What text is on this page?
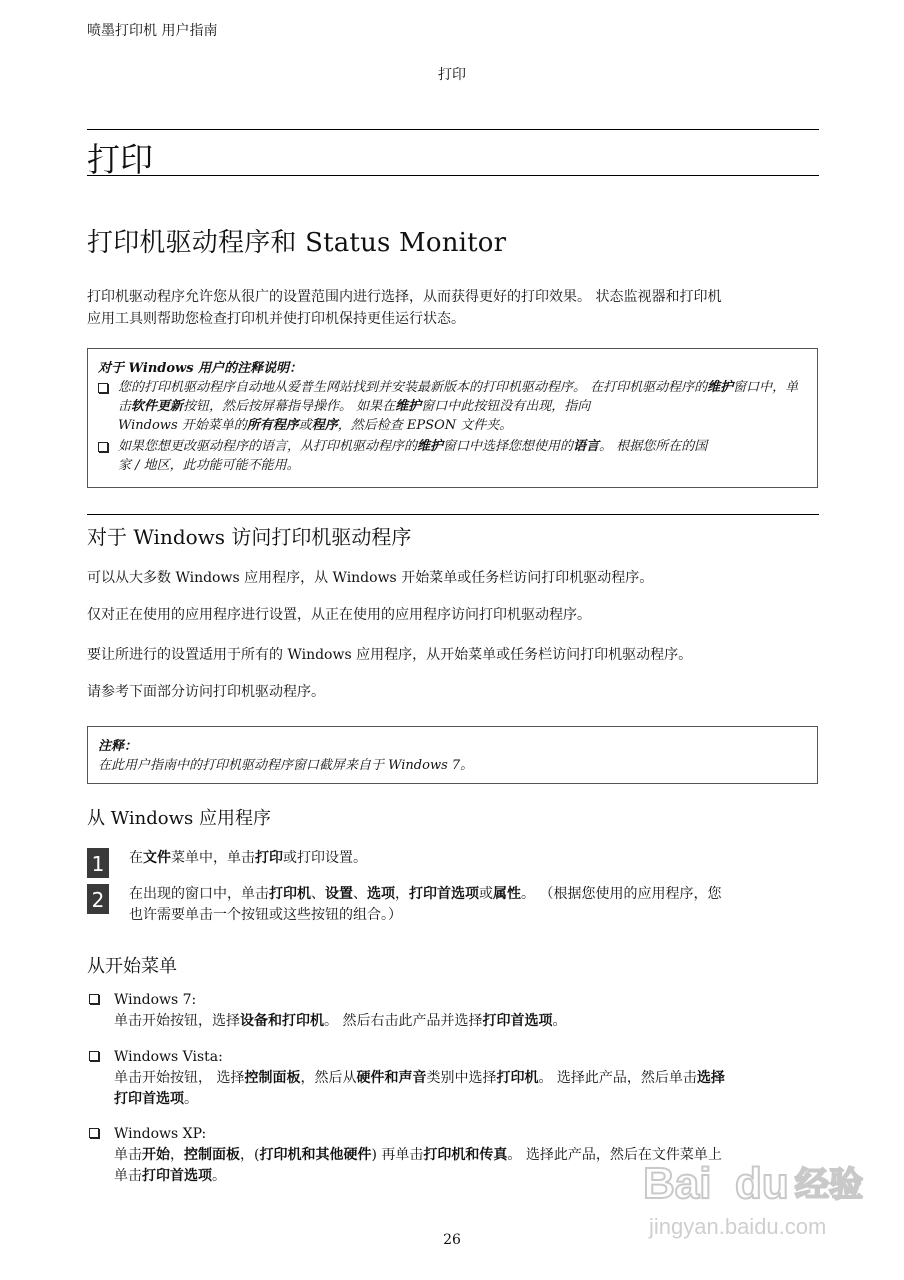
喷墨打印机 用户指南
打印
打印
打印机驱动程序和 Status Monitor
打印机驱动程序允许您从很广的设置范围内进行选择，从而获得更好的打印效果。 状态监视器和打印机
应用工具则帮助您检查打印机并使打印机保持更佳运行状态。
对于 Windows 用户的注释说明：
您的打印机驱动程序自动地从爱普生网站找到并安装最新版本的打印机驱动程序。 在打印机驱动程序的维护窗口中，单击软件更新按钮，然后按屏幕指导操作。 如果在维护窗口中此按钮没有出现，指向
Windows 开始菜单的所有程序或程序，然后检查 EPSON 文件夹。
如果您想更改驱动程序的语言，从打印机驱动程序的维护窗口中选择您想使用的语言。 根据您所在的国
家 / 地区，此功能可能不能用。
对于 Windows 访问打印机驱动程序
可以从大多数 Windows 应用程序，从 Windows 开始菜单或任务栏访问打印机驱动程序。
仅对正在使用的应用程序进行设置，从正在使用的应用程序访问打印机驱动程序。
要让所进行的设置适用于所有的 Windows 应用程序，从开始菜单或任务栏访问打印机驱动程序。
请参考下面部分访问打印机驱动程序。
注释：
在此用户指南中的打印机驱动程序窗口截屏来自于 Windows 7。
从 Windows 应用程序
1	在文件菜单中，单击打印或打印设置。
2	在出现的窗口中，单击打印机、设置、选项，打印首选项或属性。 （根据您使用的应用程序，您
也许需要单击一个按钮或这些按钮的组合。）
从开始菜单
Windows 7:
单击开始按钮，选择设备和打印机。 然后右击此产品并选择打印首选项。
Windows Vista:
单击开始按钮， 选择控制面板，然后从硬件和声音类别中选择打印机。 选择此产品，然后单击选择
打印首选项。
Windows XP:
单击开始，控制面板，(打印机和其他硬件) 再单击打印机和传真。 选择此产品，然后在文件菜单上
单击打印首选项。
26
Bai du 经验
jingyan.baidu.com
